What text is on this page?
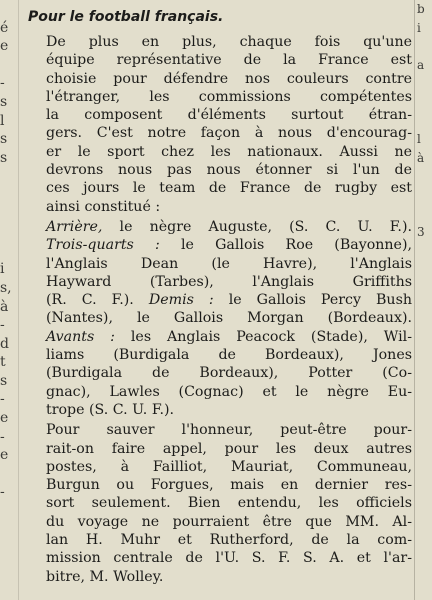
é
e
-
s
l
s
s
i
s,
à
-
d
t
s
-
e
-
e
-
b
i
a
l
à
3
Pour le football français.
De plus en plus, chaque fois qu'une
équipe représentative de la France est
choisie pour défendre nos couleurs contre
l'étranger, les commissions compétentes
la composent d'éléments surtout étran-
gers. C'est notre façon à nous d'encourag-
er le sport chez les nationaux. Aussi ne
devrons nous pas nous étonner si l'un de
ces jours le team de France de rugby est
ainsi constitué :
Arrière, le nègre Auguste, (S. C. U. F.).
Trois-quarts : le Gallois Roe (Bayonne),
l'Anglais Dean (le Havre), l'Anglais
Hayward (Tarbes), l'Anglais Griffiths
(R. C. F.). Demis : le Gallois Percy Bush
(Nantes), le Gallois Morgan (Bordeaux).
Avants : les Anglais Peacock (Stade), Wil-
liams (Burdigala de Bordeaux), Jones
(Burdigala de Bordeaux), Potter (Co-
gnac), Lawles (Cognac) et le nègre Eu-
trope (S. C. U. F.).
Pour sauver l'honneur, peut-être pour-
rait-on faire appel, pour les deux autres
postes, à Failliot, Mauriat, Communeau,
Burgun ou Forgues, mais en dernier res-
sort seulement. Bien entendu, les officiels
du voyage ne pourraient être que MM. Al-
lan H. Muhr et Rutherford, de la com-
mission centrale de l'U. S. F. S. A. et l'ar-
bitre, M. Wolley.
